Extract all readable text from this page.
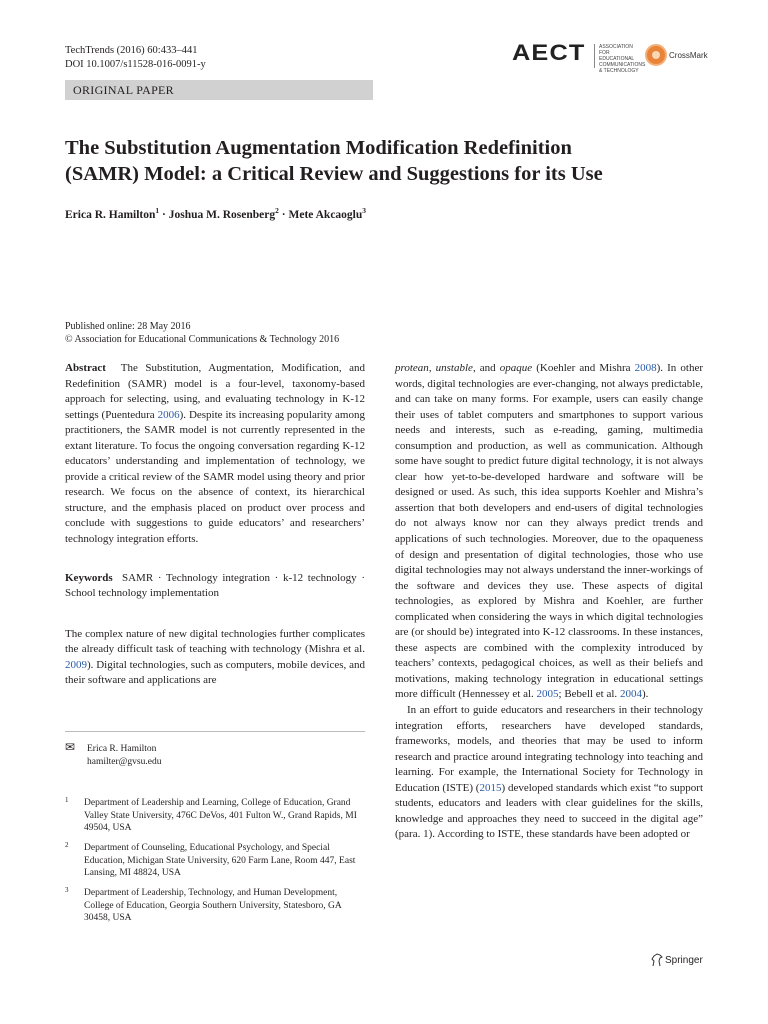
TechTrends (2016) 60:433–441
DOI 10.1007/s11528-016-0091-y	AECT	ASSOCIATION FOR EDUCATIONAL COMMUNICATIONS & TECHNOLOGY
CrossMark
ORIGINAL PAPER
The Substitution Augmentation Modification Redefinition
(SAMR) Model: a Critical Review and Suggestions for its Use
Erica R. Hamilton$^1$ · Joshua M. Rosenberg$^2$ · Mete Akcaoglu$^3$
Published online: 28 May 2016
© Association for Educational Communications & Technology 2016

Abstract The Substitution, Augmentation, Modification, and Redefinition (SAMR) model is a four-level, taxonomy-based approach for selecting, using, and evaluating technology in K-12 settings (Puentedura 2006). Despite its increasing popularity among practitioners, the SAMR model is not currently represented in the extant literature. To focus the ongoing conversation regarding K-12 educators’ understanding and implementation of technology, we provide a critical review of the SAMR model using theory and prior research. We focus on the absence of context, its hierarchical structure, and the emphasis placed on product over process and conclude with suggestions to guide educators’ and researchers’ technology integration efforts.

Keywords SAMR · Technology integration · k-12 technology · School technology implementation

The complex nature of new digital technologies further complicates the already difficult task of teaching with technology (Mishra et al. 2009). Digital technologies, such as computers, mobile devices, and their software and applications are

✉ Erica R. Hamilton
hamilter@gvsu.edu
1 Department of Leadership and Learning, College of Education, Grand Valley State University, 476C DeVos, 401 Fulton W., Grand Rapids, MI 49504, USA
2 Department of Counseling, Educational Psychology, and Special Education, Michigan State University, 620 Farm Lane, Room 447, East Lansing, MI 48824, USA
3 Department of Leadership, Technology, and Human Development, College of Education, Georgia Southern University, Statesboro, GA 30458, USA

protean, unstable, and opaque (Koehler and Mishra 2008). In other words, digital technologies are ever-changing, not always predictable, and can take on many forms. For example, users can easily change their uses of tablet computers and smartphones to support various needs and interests, such as e-reading, gaming, multimedia consumption and production, as well as communication. Although some have sought to predict future digital technology, it is not always clear how yet-to-be-developed hardware and software will be designed or used. As such, this idea supports Koehler and Mishra’s assertion that both developers and end-users of digital technologies do not always know nor can they always predict trends and applications of such technologies. Moreover, due to the opaqueness of design and presentation of digital technologies, those who use digital technologies may not always understand the inner-workings of the software and devices they use. These aspects of digital technologies, as explored by Mishra and Koehler, are further complicated when considering the ways in which digital technologies are (or should be) integrated into K-12 classrooms. In these instances, these aspects are combined with the complexity introduced by teachers’ contexts, pedagogical choices, as well as their beliefs and motivations, making technology integration in educational settings more difficult (Hennessey et al. 2005; Bebell et al. 2004).

In an effort to guide educators and researchers in their technology integration efforts, researchers have developed standards, frameworks, models, and theories that may be used to inform research and practice around integrating technology into teaching and learning. For example, the International Society for Technology in Education (ISTE) (2015) developed standards which exist “to support students, educators and leaders with clear guidelines for the skills, knowledge and approaches they need to succeed in the digital age” (para. 1). According to ISTE, these standards have been adopted or

Springer
